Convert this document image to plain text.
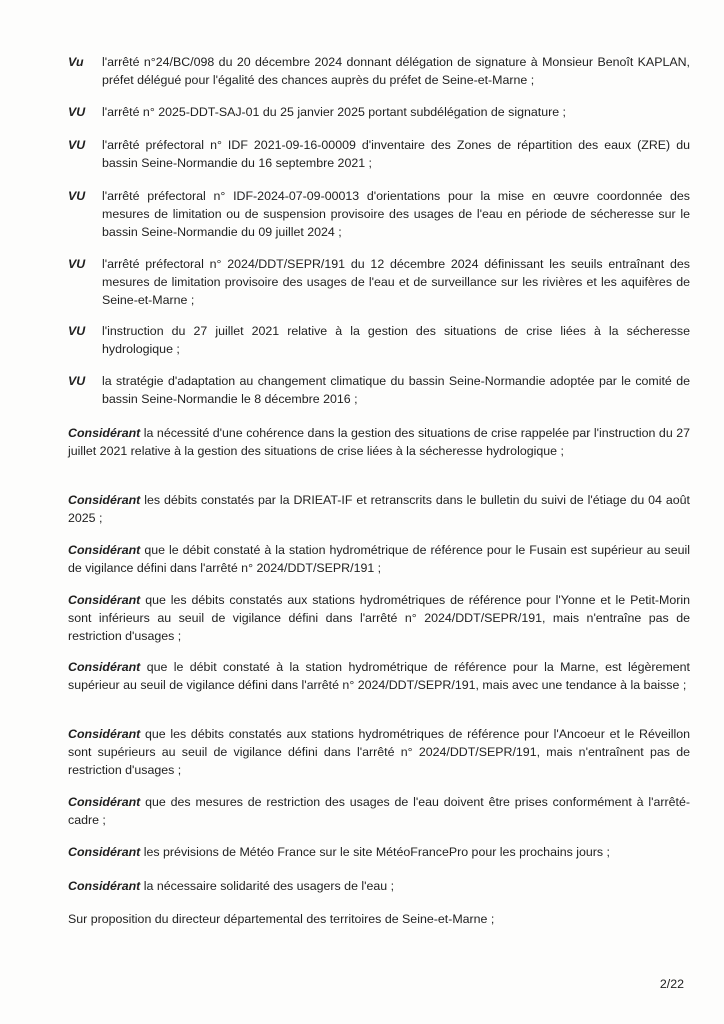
Vu l'arrêté n°24/BC/098 du 20 décembre 2024 donnant délégation de signature à Monsieur Benoît KAPLAN, préfet délégué pour l'égalité des chances auprès du préfet de Seine-et-Marne ;
VU l'arrêté n° 2025-DDT-SAJ-01 du 25 janvier 2025 portant subdélégation de signature ;
VU l'arrêté préfectoral n° IDF 2021-09-16-00009 d'inventaire des Zones de répartition des eaux (ZRE) du bassin Seine-Normandie du 16 septembre 2021 ;
VU l'arrêté préfectoral n° IDF-2024-07-09-00013 d'orientations pour la mise en œuvre coordonnée des mesures de limitation ou de suspension provisoire des usages de l'eau en période de sécheresse sur le bassin Seine-Normandie du 09 juillet 2024 ;
VU l'arrêté préfectoral n° 2024/DDT/SEPR/191 du 12 décembre 2024 définissant les seuils entraînant des mesures de limitation provisoire des usages de l'eau et de surveillance sur les rivières et les aquifères de Seine-et-Marne ;
VU l'instruction du 27 juillet 2021 relative à la gestion des situations de crise liées à la sécheresse hydrologique ;
VU la stratégie d'adaptation au changement climatique du bassin Seine-Normandie adoptée par le comité de bassin Seine-Normandie le 8 décembre 2016 ;
Considérant la nécessité d'une cohérence dans la gestion des situations de crise rappelée par l'instruction du 27 juillet 2021 relative à la gestion des situations de crise liées à la sécheresse hydrologique ;
Considérant les débits constatés par la DRIEAT-IF et retranscrits dans le bulletin du suivi de l'étiage du 04 août 2025 ;
Considérant que le débit constaté à la station hydrométrique de référence pour le Fusain est supérieur au seuil de vigilance défini dans l'arrêté n° 2024/DDT/SEPR/191 ;
Considérant que les débits constatés aux stations hydrométriques de référence pour l'Yonne et le Petit-Morin sont inférieurs au seuil de vigilance défini dans l'arrêté n° 2024/DDT/SEPR/191, mais n'entraîne pas de restriction d'usages ;
Considérant que le débit constaté à la station hydrométrique de référence pour la Marne, est légèrement supérieur au seuil de vigilance défini dans l'arrêté n° 2024/DDT/SEPR/191, mais avec une tendance à la baisse ;
Considérant que les débits constatés aux stations hydrométriques de référence pour l'Ancoeur et le Réveillon sont supérieurs au seuil de vigilance défini dans l'arrêté n° 2024/DDT/SEPR/191, mais n'entraînent pas de restriction d'usages ;
Considérant que des mesures de restriction des usages de l'eau doivent être prises conformément à l'arrêté-cadre ;
Considérant les prévisions de Météo France sur le site MétéoFrancePro pour les prochains jours ;
Considérant la nécessaire solidarité des usagers de l'eau ;
Sur proposition du directeur départemental des territoires de Seine-et-Marne ;
2/22
